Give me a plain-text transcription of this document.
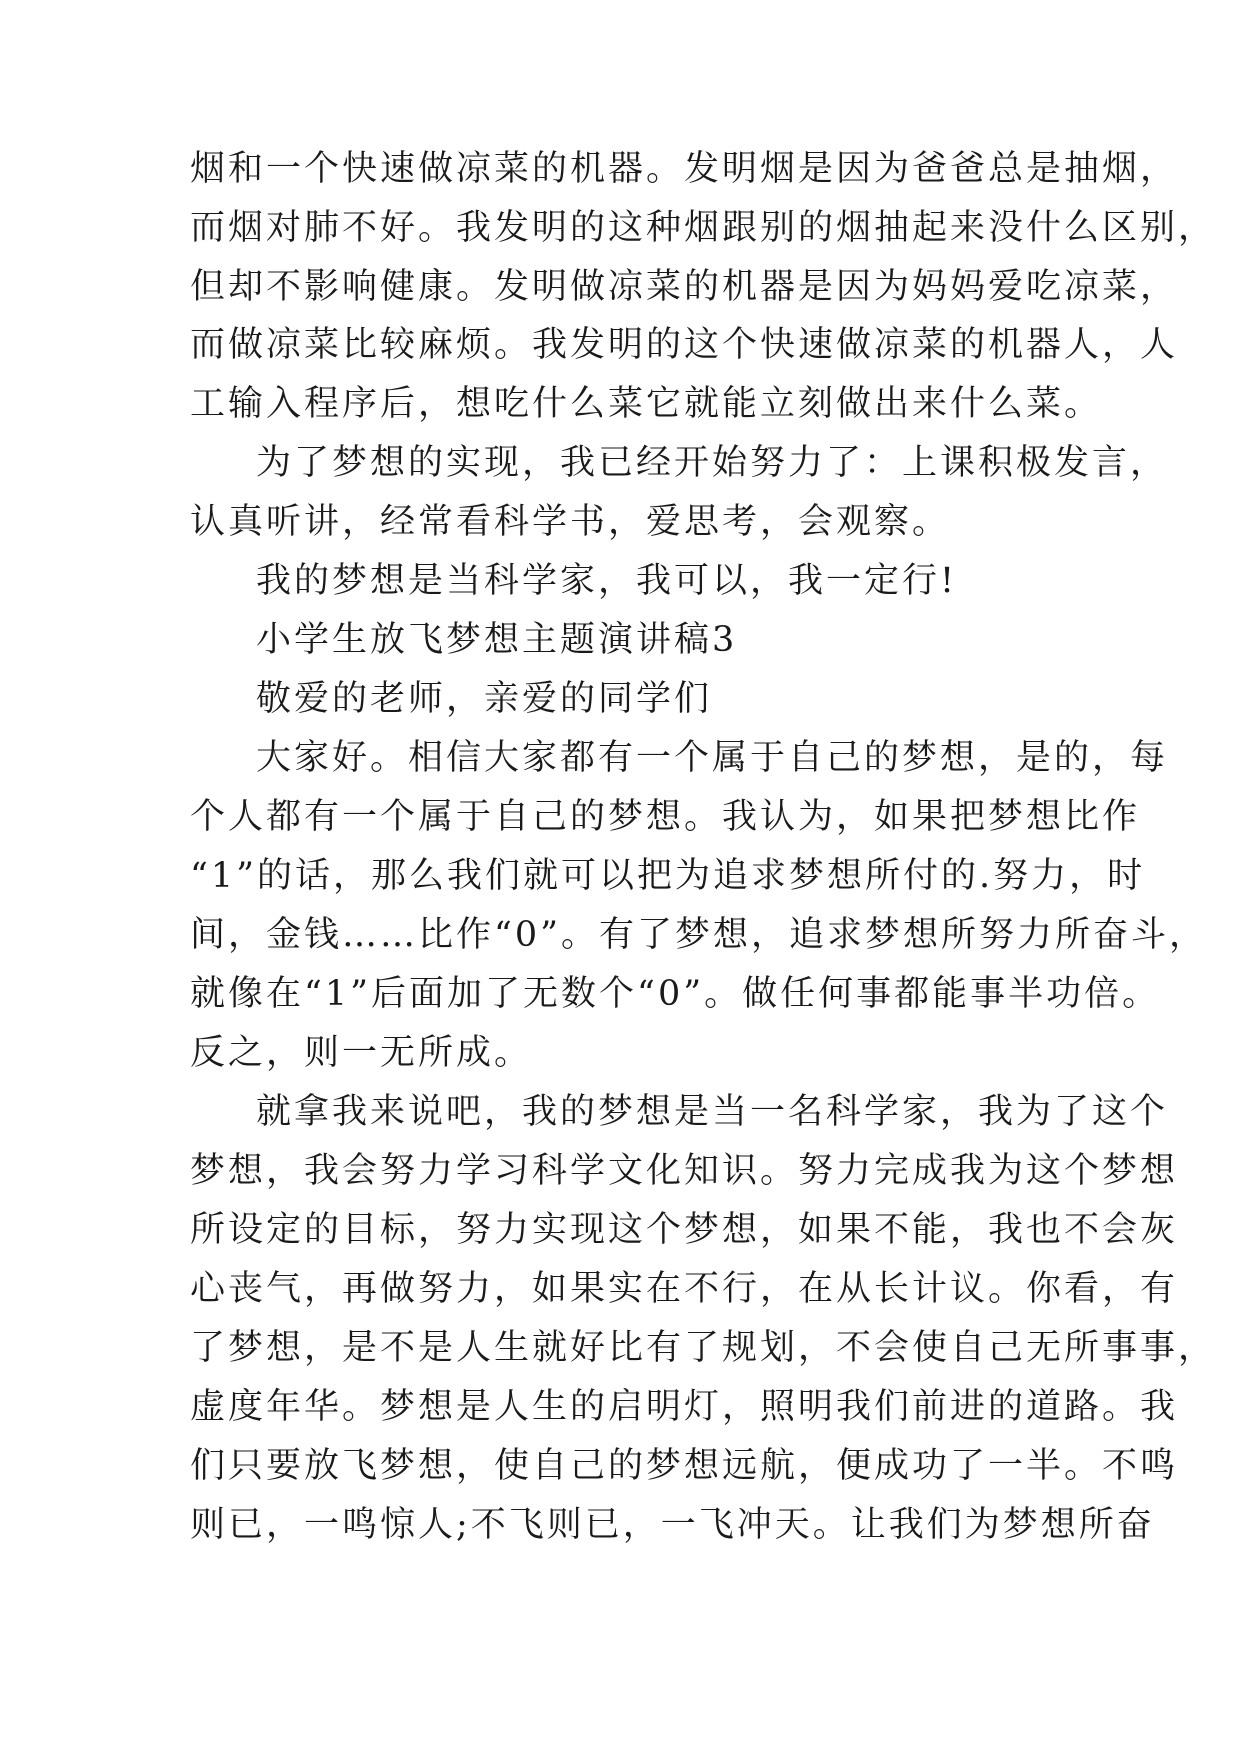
烟和一个快速做凉菜的机器。发明烟是因为爸爸总是抽烟，
而烟对肺不好。我发明的这种烟跟别的烟抽起来没什么区别，
但却不影响健康。发明做凉菜的机器是因为妈妈爱吃凉菜，
而做凉菜比较麻烦。我发明的这个快速做凉菜的机器人，人
工输入程序后，想吃什么菜它就能立刻做出来什么菜。
为了梦想的实现，我已经开始努力了：上课积极发言，
认真听讲，经常看科学书，爱思考，会观察。
我的梦想是当科学家，我可以，我一定行!
小学生放飞梦想主题演讲稿3
敬爱的老师，亲爱的同学们
大家好。相信大家都有一个属于自己的梦想，是的，每
个人都有一个属于自己的梦想。我认为，如果把梦想比作
“1”的话，那么我们就可以把为追求梦想所付的.努力，时
间，金钱……比作“0”。有了梦想，追求梦想所努力所奋斗，
就像在“1”后面加了无数个“0”。做任何事都能事半功倍。
反之，则一无所成。
就拿我来说吧，我的梦想是当一名科学家，我为了这个
梦想，我会努力学习科学文化知识。努力完成我为这个梦想
所设定的目标，努力实现这个梦想，如果不能，我也不会灰
心丧气，再做努力，如果实在不行，在从长计议。你看，有
了梦想，是不是人生就好比有了规划，不会使自己无所事事，
虚度年华。梦想是人生的启明灯，照明我们前进的道路。我
们只要放飞梦想，使自己的梦想远航，便成功了一半。不鸣
则已，一鸣惊人;不飞则已，一飞冲天。让我们为梦想所奋
